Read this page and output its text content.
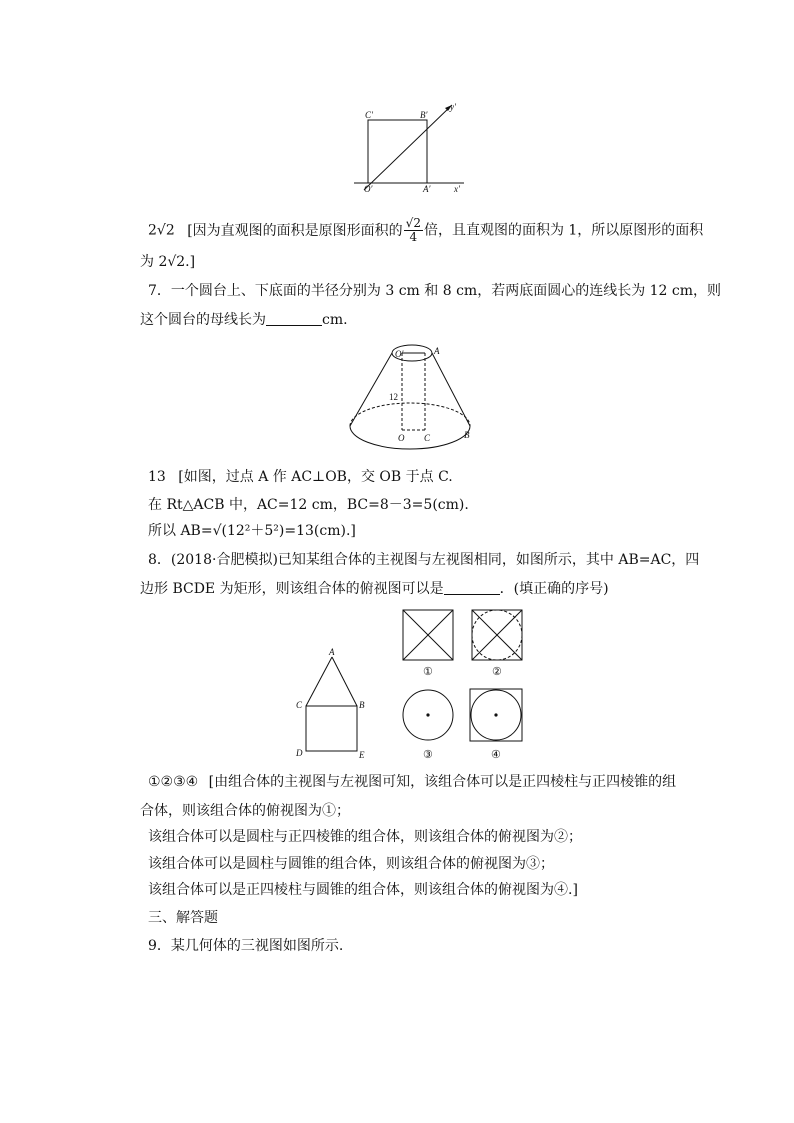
C′	B′
y′
O′	A′	x′
2√2 [因为直观图的面积是原图形面积的 $\frac{√2}{4}$ 倍，且直观图的面积为 1，所以原图形的面积
为 2√2.]
7．一个圆台上、下底面的半径分别为 3 cm 和 8 cm，若两底面圆心的连线长为 12 cm，则
这个圆台的母线长为	cm.
O′	A
12
O C	B
13 [如图，过点 A 作 AC⊥OB，交 OB 于点 C.
在 Rt△ACB 中，AC=12 cm，BC=8－3=5(cm).
所以 AB=√(12²＋5²)=13(cm).]
8．(2018·合肥模拟)已知某组合体的主视图与左视图相同，如图所示，其中 AB=AC，四
边形 BCDE 为矩形，则该组合体的俯视图可以是	．(填正确的序号)
A
C	B
D	E
①	②
③	④
①②③④ [由组合体的主视图与左视图可知，该组合体可以是正四棱柱与正四棱锥的组
合体，则该组合体的俯视图为①；
该组合体可以是圆柱与正四棱锥的组合体，则该组合体的俯视图为②；
该组合体可以是圆柱与圆锥的组合体，则该组合体的俯视图为③；
该组合体可以是正四棱柱与圆锥的组合体，则该组合体的俯视图为④.]
三、解答题
9．某几何体的三视图如图所示.
